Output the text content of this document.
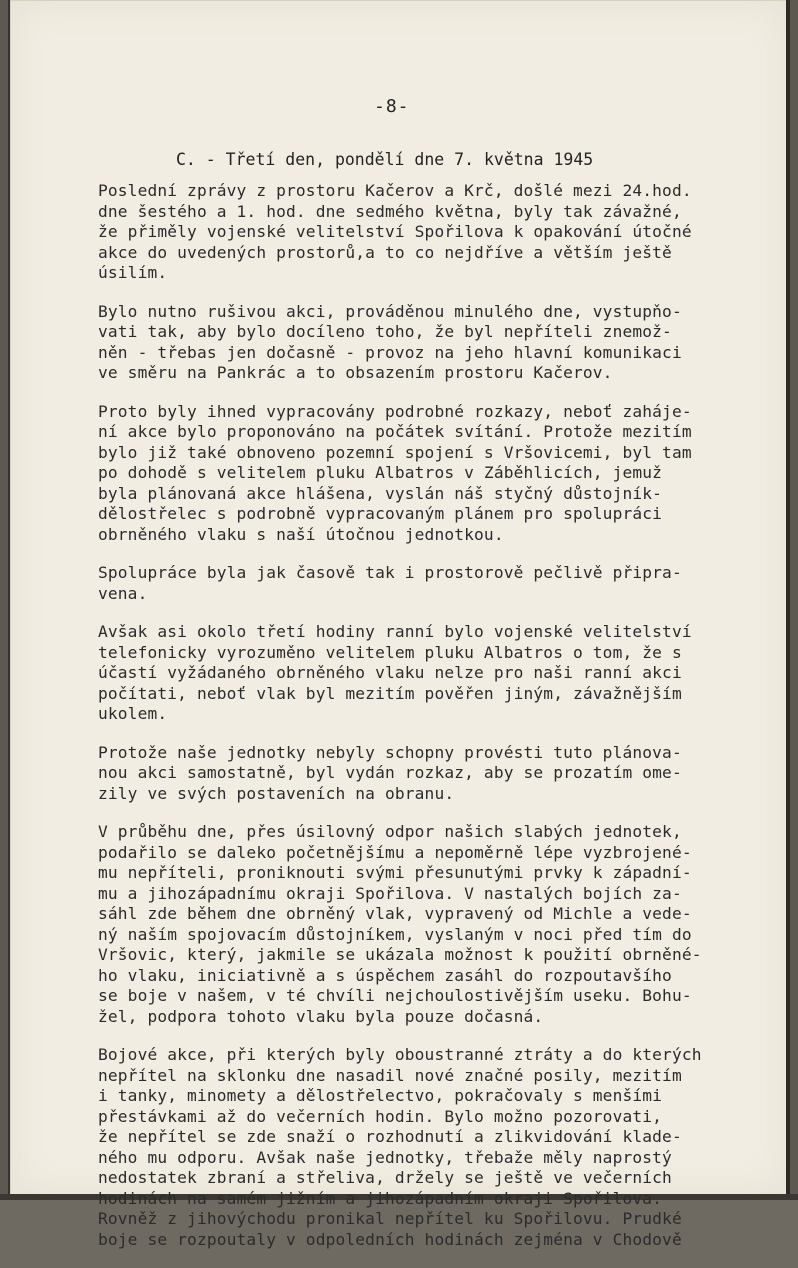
-8-
C. - Třetí den, pondělí dne 7. května 1945
Poslední zprávy z prostoru Kačerov a Krč, došlé mezi 24.hod.
dne šestého a 1. hod. dne sedmého května, byly tak závažné,
že přiměly vojenské velitelství Spořilova k opakování útočné
akce do uvedených prostorů,a to co nejdříve a větším ještě
úsilím.
Bylo nutno rušivou akci, prováděnou minulého dne, vystupňo-
vati tak, aby bylo docíleno toho, že byl nepříteli znemož-
něn - třebas jen dočasně - provoz na jeho hlavní komunikaci
ve směru na Pankrác a to obsazením prostoru Kačerov.
Proto byly ihned vypracovány podrobné rozkazy, neboť zaháje-
ní akce bylo proponováno na počátek svítání. Protože mezitím
bylo již také obnoveno pozemní spojení s Vršovicemi, byl tam
po dohodě s velitelem pluku Albatros v Záběhlicích, jemuž
byla plánovaná akce hlášena, vyslán náš styčný důstojník-
dělostřelec s podrobně vypracovaným plánem pro spolupráci
obrněného vlaku s naší útočnou jednotkou.
Spolupráce byla jak časově tak i prostorově pečlivě připra-
vena.
Avšak asi okolo třetí hodiny ranní bylo vojenské velitelství
telefonicky vyrozuměno velitelem pluku Albatros o tom, že s
účastí vyžádaného obrněného vlaku nelze pro naši ranní akci
počítati, neboť vlak byl mezitím pověřen jiným, závažnějším
ukolem.
Protože naše jednotky nebyly schopny provésti tuto plánova-
nou akci samostatně, byl vydán rozkaz, aby se prozatím ome-
zily ve svých postaveních na obranu.
V průběhu dne, přes úsilovný odpor našich slabých jednotek,
podařilo se daleko početnějšímu a nepoměrně lépe vyzbrojené-
mu nepříteli, proniknouti svými přesunutými prvky k západní-
mu a jihozápadnímu okraji Spořilova. V nastalých bojích za-
sáhl zde během dne obrněný vlak, vypravený od Michle a vede-
ný naším spojovacím důstojníkem, vyslaným v noci před tím do
Vršovic, který, jakmile se ukázala možnost k použití obrněné-
ho vlaku, iniciativně a s úspěchem zasáhl do rozpoutavšího
se boje v našem, v té chvíli nejchoulostivějším useku. Bohu-
žel, podpora tohoto vlaku byla pouze dočasná.
Bojové akce, při kterých byly oboustranné ztráty a do kterých
nepřítel na sklonku dne nasadil nové značné posily, mezitím
i tanky, minomety a dělostřelectvo, pokračovaly s menšími
přestávkami až do večerních hodin. Bylo možno pozorovati,
že nepřítel se zde snaží o rozhodnutí a zlikvidování klade-
ného mu odporu. Avšak naše jednotky, třebaže měly naprostý
nedostatek zbraní a střeliva, držely se ještě ve večerních
hodinách na samém jižním a jihozápadním okraji Spořilova.
Rovněž z jihovýchodu pronikal nepřítel ku Spořilovu. Prudké
boje se rozpoutaly v odpoledních hodinách zejména v Chodově
